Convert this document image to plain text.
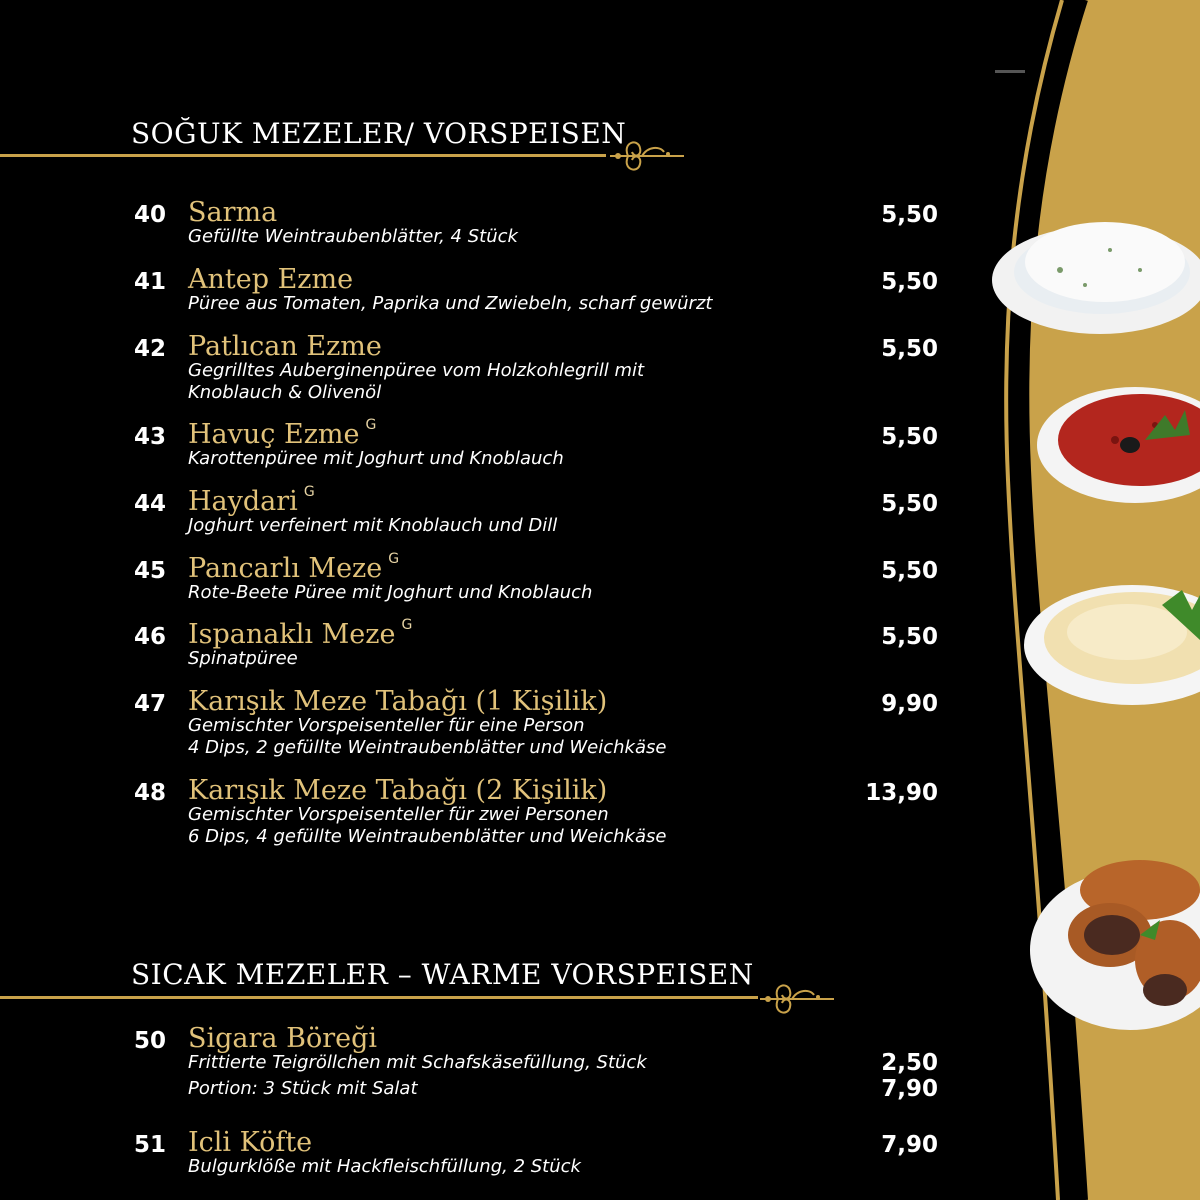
SOĞUK MEZELER/ VORSPEISEN
40 Sarma
Gefüllte Weintraubenblätter, 4 Stück
5,50
41 Antep Ezme
Püree aus Tomaten, Paprika und Zwiebeln, scharf gewürzt
5,50
42 Patlıcan Ezme
Gegrilltes Auberginenpüree vom Holzkohlegrill mit
Knoblauch & Olivenöl
5,50
43 Havuç Ezme $^G$
Karottenpüree mit Joghurt und Knoblauch
5,50
44 Haydari $^G$
Joghurt verfeinert mit Knoblauch und Dill
5,50
45 Pancarlı Meze $^G$
Rote-Beete Püree mit Joghurt und Knoblauch
5,50
46 Ispanaklı Meze $^G$
Spinatpüree
5,50
47 Karışık Meze Tabağı (1 Kişilik)
Gemischter Vorspeisenteller für eine Person
4 Dips, 2 gefüllte Weintraubenblätter und Weichkäse
9,90
48 Karışık Meze Tabağı (2 Kişilik)
Gemischter Vorspeisenteller für zwei Personen
6 Dips, 4 gefüllte Weintraubenblätter und Weichkäse
13,90
SICAK MEZELER – WARME VORSPEISEN
50 Sigara Böreği
Frittierte Teigröllchen mit Schafskäsefüllung, Stück
Portion: 3 Stück mit Salat
2,50
7,90
51 Icli Köfte
Bulgurklöße mit Hackfleischfüllung, 2 Stück
7,90
